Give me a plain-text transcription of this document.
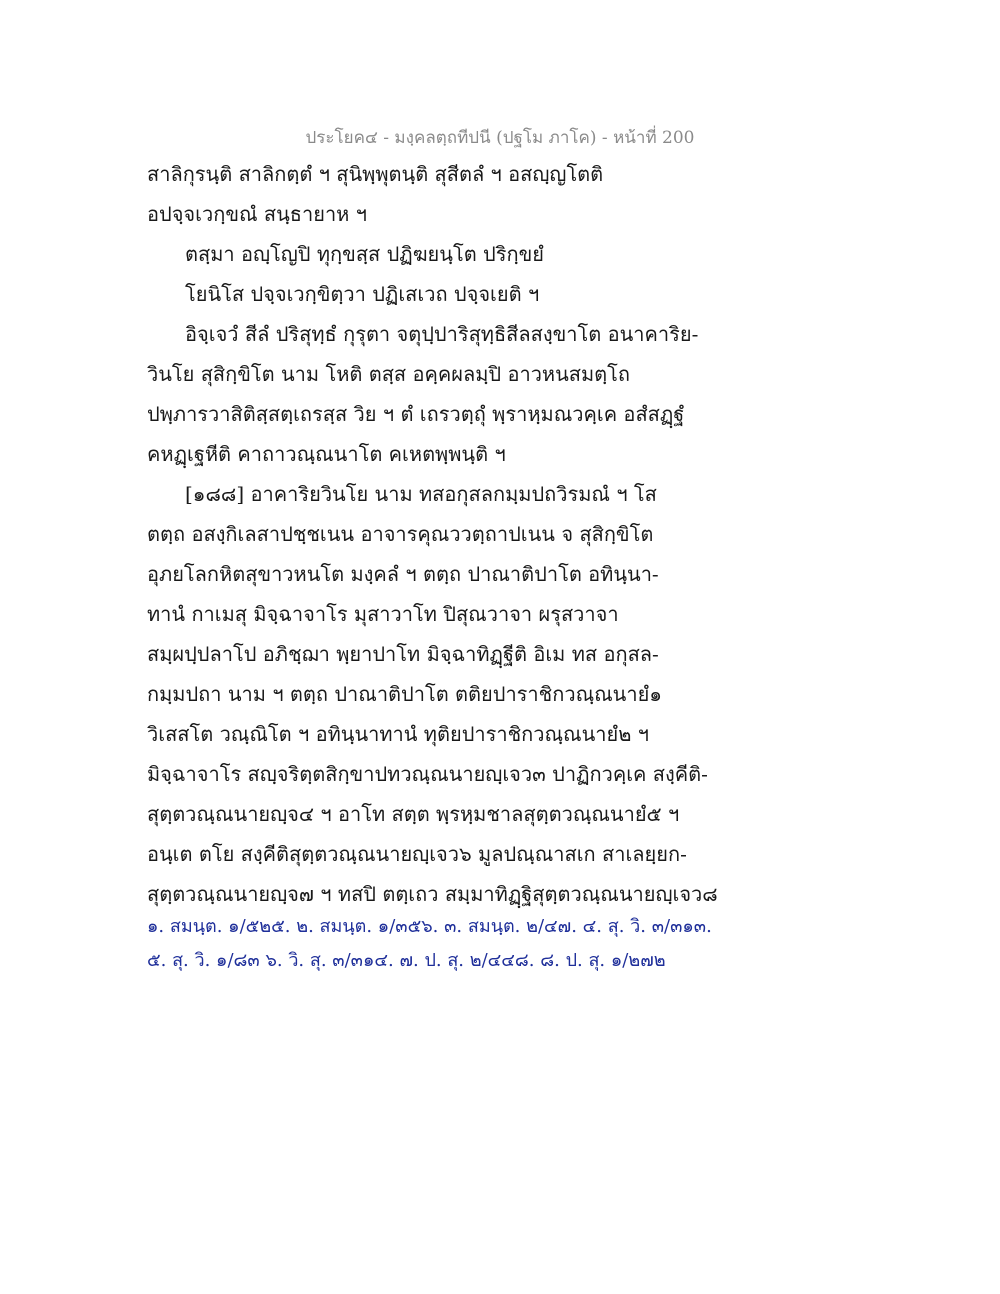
ประโยค๔ - มงฺคลตฺถทีปนี (ปฐโม ภาโค) - หน้าที่ 200
สาลิกุรนฺติ สาลิกตฺตํ ฯ สุนิพฺพุตนฺติ สุสีตลํ ฯ อสญฺญโตติ
อปจฺจเวกฺขณํ สนฺธายาห ฯ
ตสฺมา อญฺโญปิ ทุกฺขสฺส ปฏิฆยนฺโต ปริกฺขยํ
โยนิโส ปจฺจเวกฺขิตฺวา ปฏิเสเวถ ปจฺจเยติ ฯ
อิจฺเจวํ สีลํ ปริสุทฺธํ กุรุตา จตุปฺปาริสุทฺธิสีลสงฺขาโต อนาคาริย-
วินโย สุสิกฺขิโต นาม โหติ ตสฺส อคฺคผลมฺปิ อาวหนสมตฺโถ
ปพฺภารวาสิติสฺสตฺเถรสฺส วิย ฯ ตํ เถรวตฺถุํ พฺราหฺมณวคฺเค อสํสฏฺฐํ
คหฏฺเฐหีติ คาถาวณฺณนาโต คเหตพฺพนฺติ ฯ
[๑๘๘] อาคาริยวินโย นาม ทสอกุสลกมฺมปถวิรมณํ ฯ โส
ตตฺถ อสงฺกิเลสาปชฺชเนน อาจารคุณววตฺถาปเนน จ สุสิกฺขิโต
อุภยโลกหิตสุขาวหนโต มงฺคลํ ฯ ตตฺถ ปาณาติปาโต อทินฺนา-
ทานํ กาเมสุ มิจฺฉาจาโร มุสาวาโท ปิสุณวาจา ผรุสวาจา
สมฺผปฺปลาโป อภิชฺฌา พฺยาปาโท มิจฺฉาทิฏฺฐีติ อิเม ทส อกุสล-
กมฺมปถา นาม ฯ ตตฺถ ปาณาติปาโต ตติยปาราชิกวณฺณนายํ๑
วิเสสโต วณฺณิโต ฯ อทินฺนาทานํ ทุติยปาราชิกวณฺณนายํ๒ ฯ
มิจฺฉาจาโร สญฺจริตฺตสิกฺขาปทวณฺณนายญฺเจว๓ ปาฏิกวคฺเค สงฺคีติ-
สุตฺตวณฺณนายญฺจ๔ ฯ อาโท สตฺต พฺรหฺมชาลสุตฺตวณฺณนายํ๕ ฯ
อนฺเต ตโย สงฺคีติสุตฺตวณฺณนายญฺเจว๖ มูลปณฺณาสเก สาเลยฺยก-
สุตฺตวณฺณนายญฺจ๗ ฯ ทสปิ ตตฺเถว สมฺมาทิฏฺฐิสุตฺตวณฺณนายญฺเจว๘
๑. สมนฺต. ๑/๕๒๕. ๒. สมนฺต. ๑/๓๕๖. ๓. สมนฺต. ๒/๔๗. ๔. สุ. วิ. ๓/๓๑๓.
๕. สุ. วิ. ๑/๘๓ ๖. วิ. สุ. ๓/๓๑๔. ๗. ป. สุ. ๒/๔๔๘. ๘. ป. สุ. ๑/๒๗๒
